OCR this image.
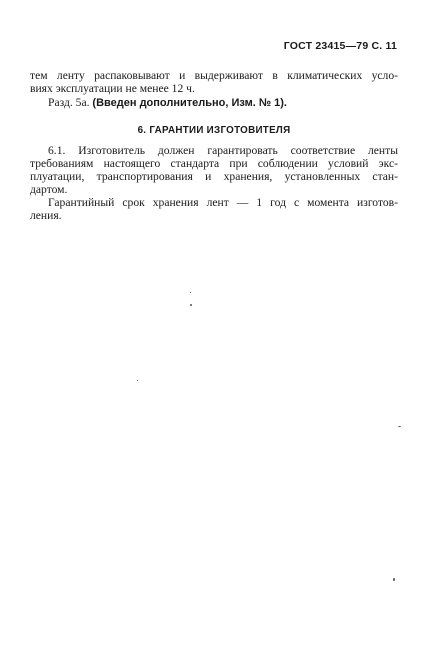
ГОСТ 23415—79 С. 11
тем ленту распаковывают и выдерживают в климатических усло-
виях эксплуатации не менее 12 ч.
Разд. 5а. (Введен дополнительно, Изм. № 1).
6. ГАРАНТИИ ИЗГОТОВИТЕЛЯ
6.1. Изготовитель должен гарантировать соответствие ленты
требованиям настоящего стандарта при соблюдении условий экс-
плуатации, транспортирования и хранения, установленных стан-
дартом.
Гарантийный срок хранения лент — 1 год с момента изготов-
ления.
